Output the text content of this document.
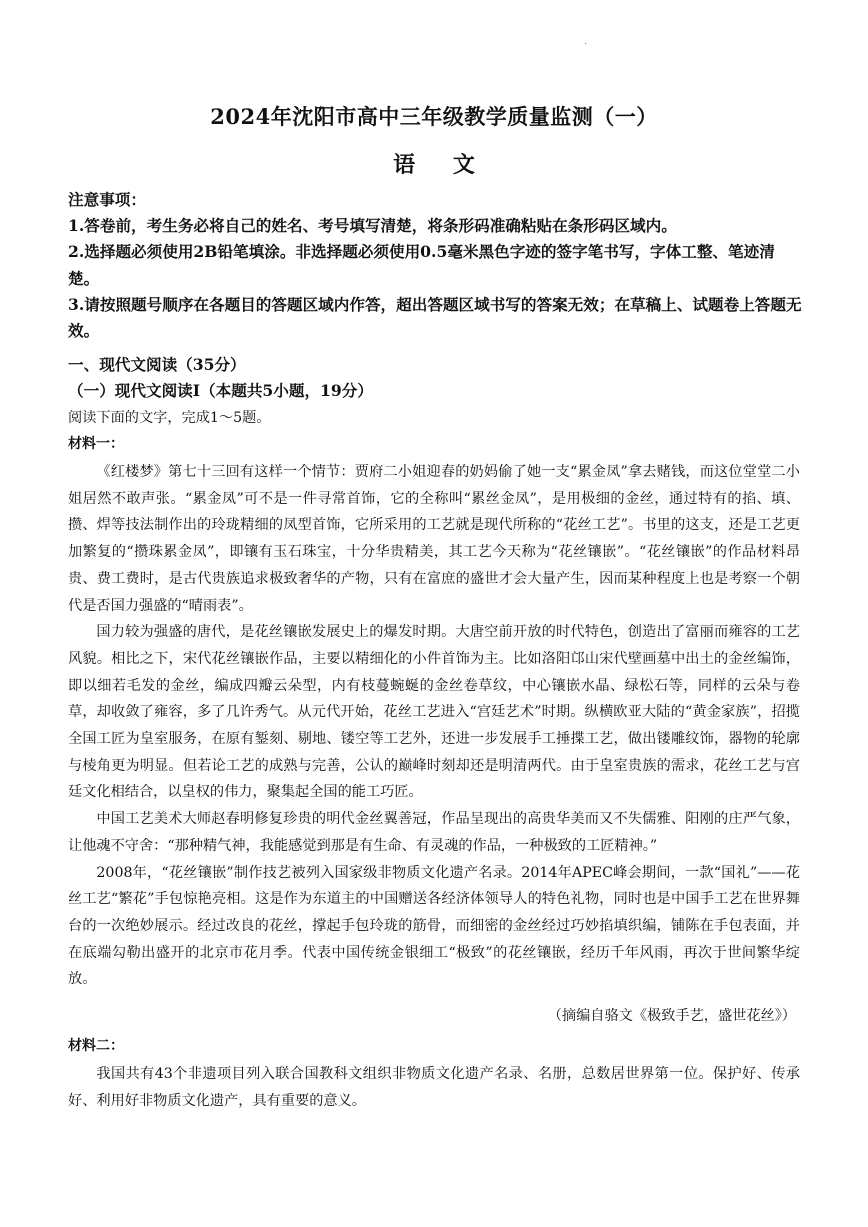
.
2024年沈阳市高中三年级教学质量监测（一）
语 文
注意事项：
1.答卷前，考生务必将自己的姓名、考号填写清楚，将条形码准确粘贴在条形码区域内。
2.选择题必须使用2B铅笔填涂。非选择题必须使用0.5毫米黑色字迹的签字笔书写，字体工整、笔迹清楚。
3.请按照题号顺序在各题目的答题区域内作答，超出答题区域书写的答案无效；在草稿上、试题卷上答题无效。
一、现代文阅读（35分）
（一）现代文阅读Ⅰ（本题共5小题，19分）
阅读下面的文字，完成1～5题。
材料一：

《红楼梦》第七十三回有这样一个情节：贾府二小姐迎春的奶妈偷了她一支“累金凤”拿去赌钱，而这位堂堂二小姐居然不敢声张。“累金凤”可不是一件寻常首饰，它的全称叫“累丝金凤”，是用极细的金丝，通过特有的掐、填、攒、焊等技法制作出的玲珑精细的凤型首饰，它所采用的工艺就是现代所称的“花丝工艺”。书里的这支，还是工艺更加繁复的“攒珠累金凤”，即镶有玉石珠宝，十分华贵精美，其工艺今天称为“花丝镶嵌”。“花丝镶嵌”的作品材料昂贵、费工费时，是古代贵族追求极致奢华的产物，只有在富庶的盛世才会大量产生，因而某种程度上也是考察一个朝代是否国力强盛的“晴雨表”。

国力较为强盛的唐代，是花丝镶嵌发展史上的爆发时期。大唐空前开放的时代特色，创造出了富丽而雍容的工艺风貌。相比之下，宋代花丝镶嵌作品，主要以精细化的小件首饰为主。比如洛阳邙山宋代壁画墓中出土的金丝编饰，即以细若毛发的金丝，编成四瓣云朵型，内有枝蔓蜿蜒的金丝卷草纹，中心镶嵌水晶、绿松石等，同样的云朵与卷草，却收敛了雍容，多了几许秀气。从元代开始，花丝工艺进入“宫廷艺术”时期。纵横欧亚大陆的“黄金家族”，招揽全国工匠为皇室服务，在原有錾刻、剔地、镂空等工艺外，还进一步发展手工捶揲工艺，做出镂雕纹饰，器物的轮廓与棱角更为明显。但若论工艺的成熟与完善，公认的巅峰时刻却还是明清两代。由于皇室贵族的需求，花丝工艺与宫廷文化相结合，以皇权的伟力，聚集起全国的能工巧匠。

中国工艺美术大师赵春明修复珍贵的明代金丝翼善冠，作品呈现出的高贵华美而又不失儒雅、阳刚的庄严气象，让他魂不守舍：“那种精气神，我能感觉到那是有生命、有灵魂的作品，一种极致的工匠精神。”

2008年，“花丝镶嵌”制作技艺被列入国家级非物质文化遗产名录。2014年APEC峰会期间，一款“国礼”——花丝工艺“繁花”手包惊艳亮相。这是作为东道主的中国赠送各经济体领导人的特色礼物，同时也是中国手工艺在世界舞台的一次绝妙展示。经过改良的花丝，撑起手包玲珑的筋骨，而细密的金丝经过巧妙掐填织编，铺陈在手包表面，并在底端勾勒出盛开的北京市花月季。代表中国传统金银细工“极致”的花丝镶嵌，经历千年风雨，再次于世间繁华绽放。

（摘编自骆文《极致手艺，盛世花丝》）
材料二：

我国共有43个非遗项目列入联合国教科文组织非物质文化遗产名录、名册，总数居世界第一位。保护好、传承好、利用好非物质文化遗产，具有重要的意义。
